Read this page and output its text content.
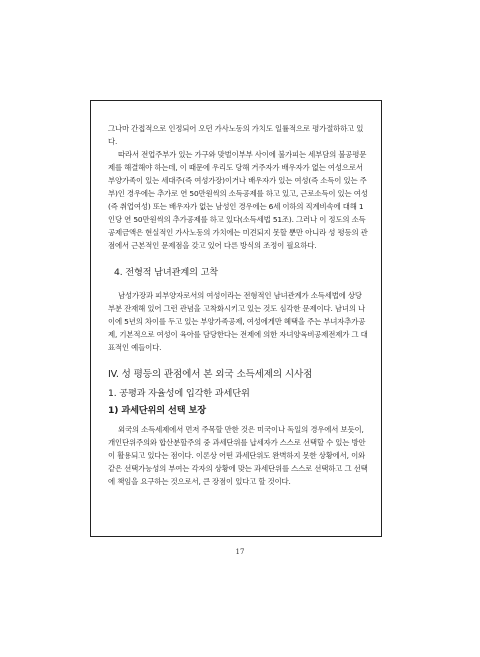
그나마 간접적으로 인정되어 오던 가사노동의 가치도 일률적으로 평가절하하고 있다.

따라서 전업주부가 있는 가구와 맞벌이부부 사이에 불가피는 세부담의 불공평문제를 해결해야 하는데, 이 때문에 우리도 당해 거주자가 배우자가 없는 여성으로서 부양가족이 있는 세대주(즉 여성가장)이거나 배우자가 있는 여성(즉 소득이 있는 주부)인 경우에는 추가로 연 50만원씩의 소득공제를 하고 있고, 근로소득이 있는 여성(즉 취업여성) 또는 배우자가 없는 남성인 경우에는 6세 이하의 직계비속에 대해 1인당 연 50만원씩의 추가공제를 하고 있다(소득세법 51조). 그러나 이 정도의 소득공제금액은 현실적인 가사노동의 가치에는 미견되지 못할 뿐만 아니라 성 평등의 관점에서 근본적인 문제점을 갖고 있어 다른 방식의 조정이 필요하다.

4. 전형적 남녀관계의 고착

남성가장과 피부양자로서의 여성이라는 전형적인 남녀관계가 소득세법에 상당 부분 잔재해 있어 그런 관념을 고착화시키고 있는 것도 심각한 문제이다. 남녀의 나이에 5년의 차이를 두고 있는 부양가족공제, 여성에게만 혜택을 주는 부녀자추가공제, 기본적으로 여성이 육아를 담당한다는 전제에 의한 자녀양육비공제전제가 그 대표적인 예들이다.

IV. 성 평등의 관점에서 본 외국 소득세제의 시사점
1. 공평과 자율성에 입각한 과세단위
1) 과세단위의 선택 보장

외국의 소득세제에서 먼저 주목할 만한 것은 미국이나 독일의 경우에서 보듯이, 개인단위주의와 합산분할주의 중 과세단위를 납세자가 스스로 선택할 수 있는 방안이 활용되고 있다는 점이다. 이론상 어떤 과세단위도 완벽하지 못한 상황에서, 이와 같은 선택가능성의 부여는 각자의 상황에 맞는 과세단위를 스스로 선택하고 그 선택에 책임을 요구하는 것으로서, 큰 장점이 있다고 할 것이다.

17
